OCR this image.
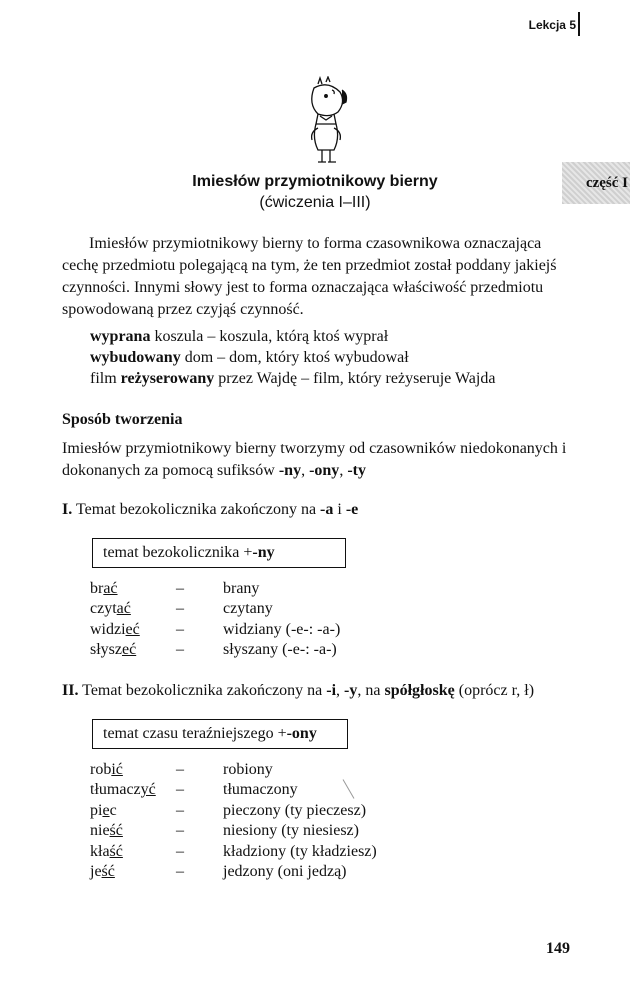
Lekcja 5
część I
Imiesłów przymiotnikowy bierny
(ćwiczenia I–III)

Imiesłów przymiotnikowy bierny to forma czasownikowa oznaczająca cechę przedmiotu polegającą na tym, że ten przedmiot został poddany jakiejś czynności. Innymi słowy jest to forma oznaczająca właściwość przedmiotu spowodowaną przez czyjąś czynność.

wyprana koszula – koszula, którą ktoś wyprał
wybudowany dom – dom, który ktoś wybudował
film reżyserowany przez Wajdę – film, który reżyseruje Wajda
Sposób tworzenia

Imiesłów przymiotnikowy bierny tworzymy od czasowników niedokonanych i dokonanych za pomocą sufiksów -ny, -ony, -ty

I. Temat bezokolicznika zakończony na -a i -e
temat bezokolicznika + -ny
brać	– brany
czytać	– czytany
widzieć – widziany (-e-: -a-)
słyszeć – słyszany (-e-: -a-)
II. Temat bezokolicznika zakończony na -i, -y, na spółgłoskę (oprócz r, ł)
temat czasu teraźniejszego + -ony
robić	– robiony
tłumaczyć – tłumaczony
piec	– pieczony (ty pieczesz)
nieść	– niesiony (ty niesiesz)
kłaść	– kładziony (ty kładziesz)
jeść	– jedzony (oni jedzą)
149
